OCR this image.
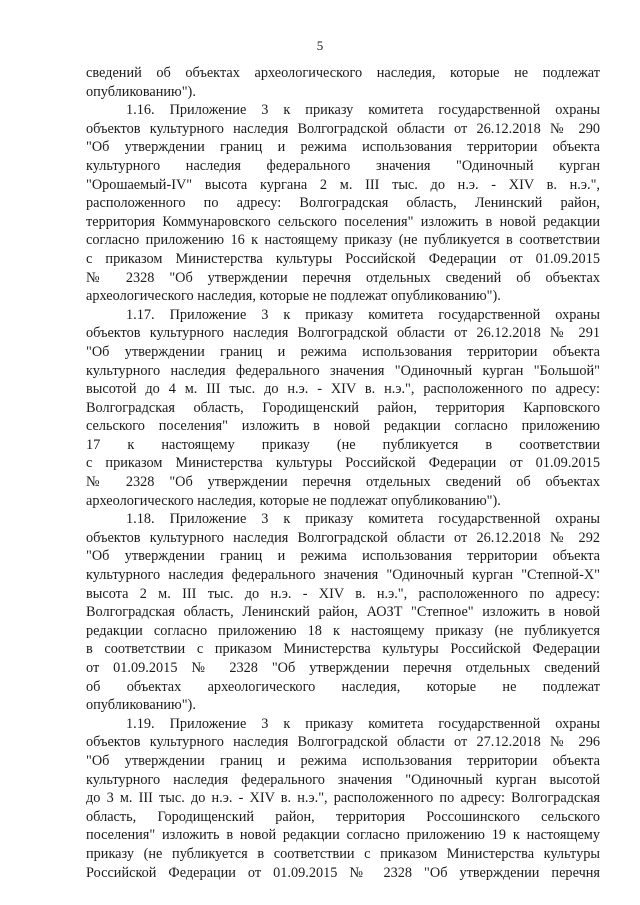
5
сведений об объектах археологического наследия, которые не подлежат
опубликованию").
1.16. Приложение 3 к приказу комитета государственной охраны
объектов культурного наследия Волгоградской области от 26.12.2018 № 290
"Об утверждении границ и режима использования территории объекта
культурного наследия федерального значения "Одиночный курган
"Орошаемый-IV" высота кургана 2 м. III тыс. до н.э. - XIV в. н.э.",
расположенного по адресу: Волгоградская область, Ленинский район,
территория Коммунаровского сельского поселения" изложить в новой редакции
согласно приложению 16 к настоящему приказу (не публикуется в соответствии
с приказом Министерства культуры Российской Федерации от 01.09.2015
№ 2328 "Об утверждении перечня отдельных сведений об объектах
археологического наследия, которые не подлежат опубликованию").
1.17. Приложение 3 к приказу комитета государственной охраны
объектов культурного наследия Волгоградской области от 26.12.2018 № 291
"Об утверждении границ и режима использования территории объекта
культурного наследия федерального значения "Одиночный курган "Большой"
высотой до 4 м. III тыс. до н.э. - XIV в. н.э.", расположенного по адресу:
Волгоградская область, Городищенский район, территория Карповского
сельского поселения" изложить в новой редакции согласно приложению
17 к настоящему приказу (не публикуется в соответствии
с приказом Министерства культуры Российской Федерации от 01.09.2015
№ 2328 "Об утверждении перечня отдельных сведений об объектах
археологического наследия, которые не подлежат опубликованию").
1.18. Приложение 3 к приказу комитета государственной охраны
объектов культурного наследия Волгоградской области от 26.12.2018 № 292
"Об утверждении границ и режима использования территории объекта
культурного наследия федерального значения "Одиночный курган "Степной-Х"
высота 2 м. III тыс. до н.э. - XIV в. н.э.", расположенного по адресу:
Волгоградская область, Ленинский район, АОЗТ "Степное" изложить в новой
редакции согласно приложению 18 к настоящему приказу (не публикуется
в соответствии с приказом Министерства культуры Российской Федерации
от 01.09.2015 № 2328 "Об утверждении перечня отдельных сведений
об объектах археологического наследия, которые не подлежат
опубликованию").
1.19. Приложение 3 к приказу комитета государственной охраны
объектов культурного наследия Волгоградской области от 27.12.2018 № 296
"Об утверждении границ и режима использования территории объекта
культурного наследия федерального значения "Одиночный курган высотой
до 3 м. III тыс. до н.э. - XIV в. н.э.", расположенного по адресу: Волгоградская
область, Городищенский район, территория Россошинского сельского
поселения" изложить в новой редакции согласно приложению 19 к настоящему
приказу (не публикуется в соответствии с приказом Министерства культуры
Российской Федерации от 01.09.2015 № 2328 "Об утверждении перечня
